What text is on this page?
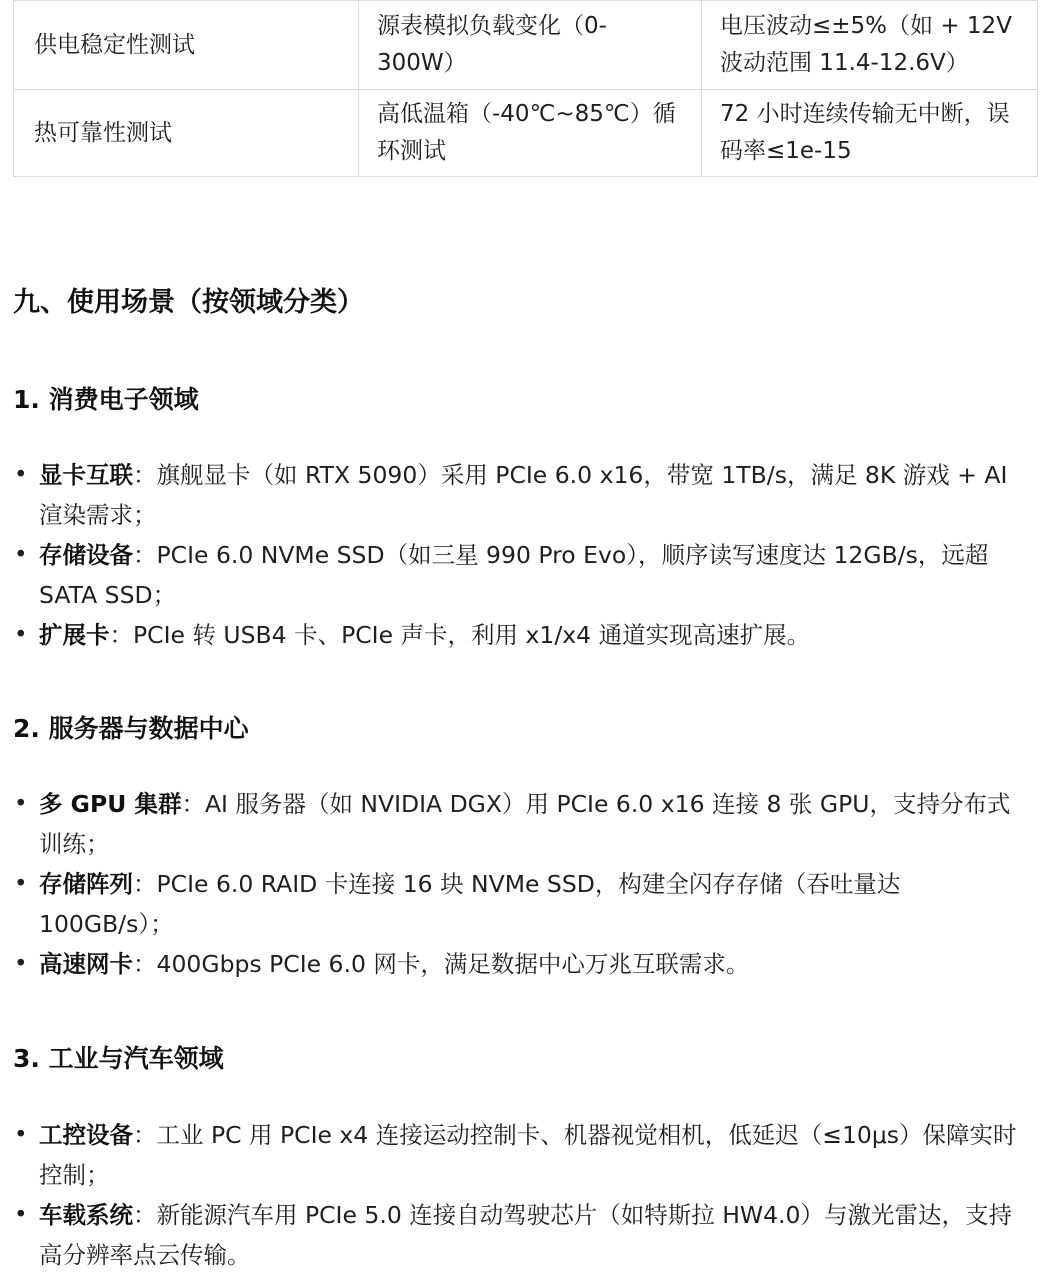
供电稳定性测试	源表模拟负载变化（0-300W）	电压波动≤±5%（如 + 12V 波动范围 11.4-12.6V）
热可靠性测试	高低温箱（-40℃~85℃）循环测试	72 小时连续传输无中断，误码率≤1e-15
九、使用场景（按领域分类）
1. 消费电子领域
• 显卡互联：旗舰显卡（如 RTX 5090）采用 PCIe 6.0 x16，带宽 1TB/s，满足 8K 游戏 + AI 渲染需求；
• 存储设备：PCIe 6.0 NVMe SSD（如三星 990 Pro Evo），顺序读写速度达 12GB/s，远超 SATA SSD；
• 扩展卡：PCIe 转 USB4 卡、PCIe 声卡，利用 x1/x4 通道实现高速扩展。
2. 服务器与数据中心
• 多 GPU 集群：AI 服务器（如 NVIDIA DGX）用 PCIe 6.0 x16 连接 8 张 GPU，支持分布式训练；
• 存储阵列：PCIe 6.0 RAID 卡连接 16 块 NVMe SSD，构建全闪存存储（吞吐量达 100GB/s）；
• 高速网卡：400Gbps PCIe 6.0 网卡，满足数据中心万兆互联需求。
3. 工业与汽车领域
• 工控设备：工业 PC 用 PCIe x4 连接运动控制卡、机器视觉相机，低延迟（≤10μs）保障实时控制；
• 车载系统：新能源汽车用 PCIe 5.0 连接自动驾驶芯片（如特斯拉 HW4.0）与激光雷达，支持高分辨率点云传输。
